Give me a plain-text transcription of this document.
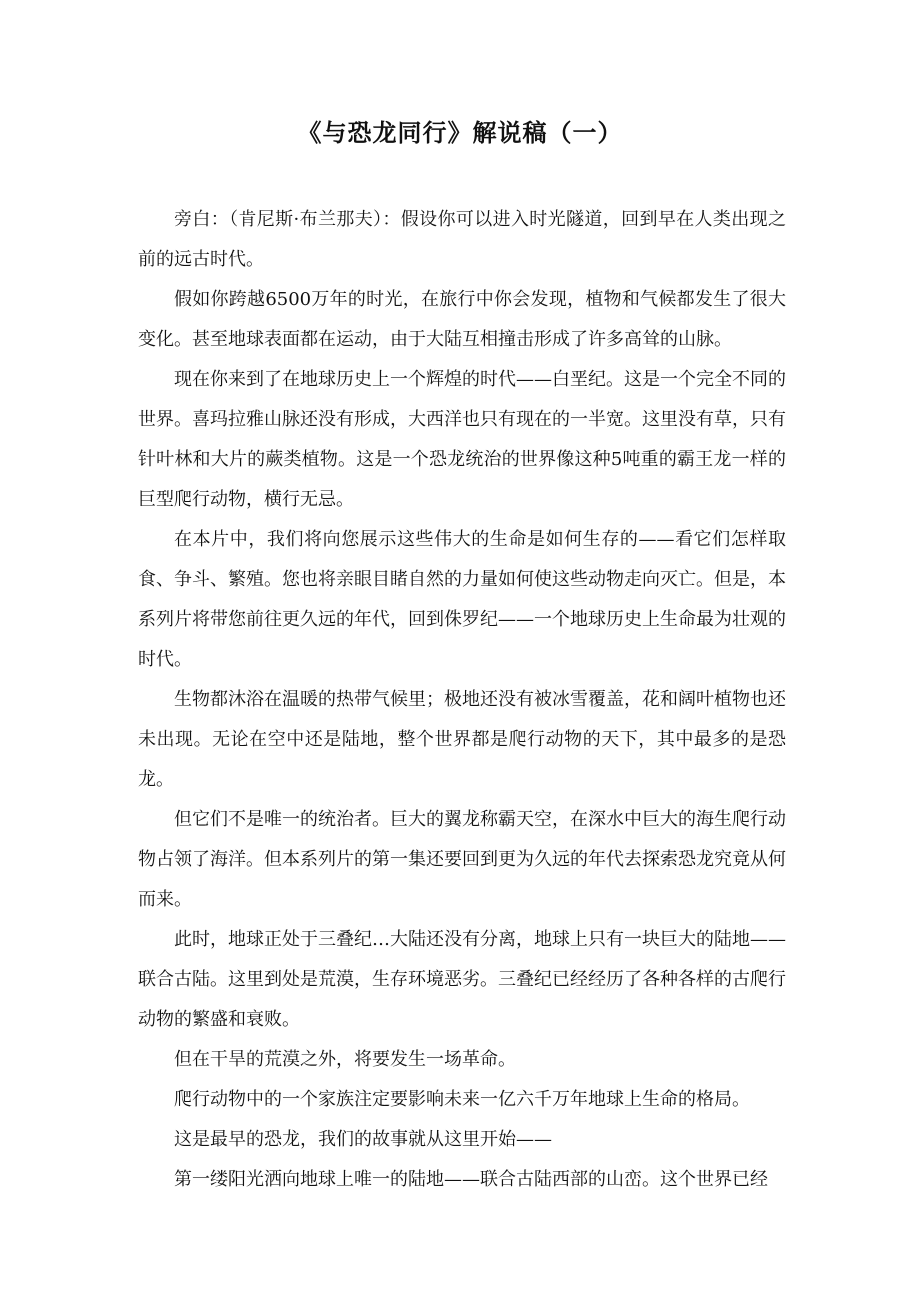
《与恐龙同行》解说稿（一）

旁白：（肯尼斯·布兰那夫）：假设你可以进入时光隧道，回到早在人类出现之前的远古时代。

假如你跨越6500万年的时光，在旅行中你会发现，植物和气候都发生了很大变化。甚至地球表面都在运动，由于大陆互相撞击形成了许多高耸的山脉。

现在你来到了在地球历史上一个辉煌的时代——白垩纪。这是一个完全不同的世界。喜玛拉雅山脉还没有形成，大西洋也只有现在的一半宽。这里没有草，只有针叶林和大片的蕨类植物。这是一个恐龙统治的世界像这种5吨重的霸王龙一样的巨型爬行动物，横行无忌。

在本片中，我们将向您展示这些伟大的生命是如何生存的——看它们怎样取食、争斗、繁殖。您也将亲眼目睹自然的力量如何使这些动物走向灭亡。但是，本系列片将带您前往更久远的年代，回到侏罗纪——一个地球历史上生命最为壮观的时代。

生物都沐浴在温暖的热带气候里；极地还没有被冰雪覆盖，花和阔叶植物也还未出现。无论在空中还是陆地，整个世界都是爬行动物的天下，其中最多的是恐龙。

但它们不是唯一的统治者。巨大的翼龙称霸天空，在深水中巨大的海生爬行动物占领了海洋。但本系列片的第一集还要回到更为久远的年代去探索恐龙究竟从何而来。

此时，地球正处于三叠纪…大陆还没有分离，地球上只有一块巨大的陆地——联合古陆。这里到处是荒漠，生存环境恶劣。三叠纪已经经历了各种各样的古爬行动物的繁盛和衰败。

但在干旱的荒漠之外，将要发生一场革命。

爬行动物中的一个家族注定要影响未来一亿六千万年地球上生命的格局。

这是最早的恐龙，我们的故事就从这里开始——

第一缕阳光洒向地球上唯一的陆地——联合古陆西部的山峦。这个世界已经
